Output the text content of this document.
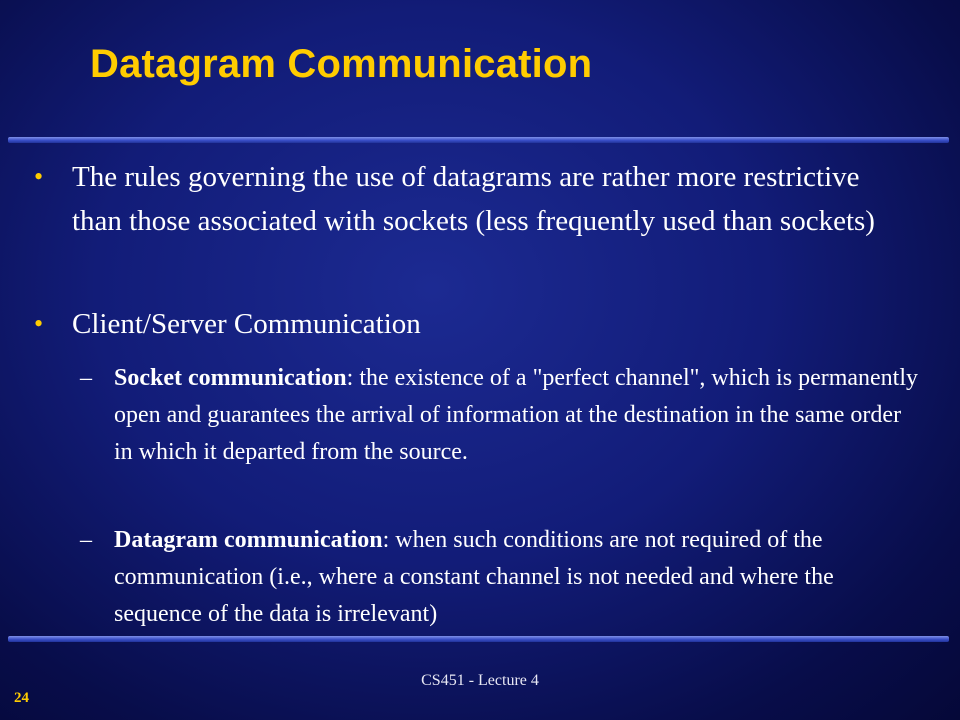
Datagram Communication
• The rules governing the use of datagrams are rather more restrictive than those associated with sockets (less frequently used than sockets)
• Client/Server Communication
– Socket communication: the existence of a "perfect channel", which is permanently open and guarantees the arrival of information at the destination in the same order in which it departed from the source.
– Datagram communication: when such conditions are not required of the communication (i.e., where a constant channel is not needed and where the sequence of the data is irrelevant)
CS451 - Lecture 4
24
